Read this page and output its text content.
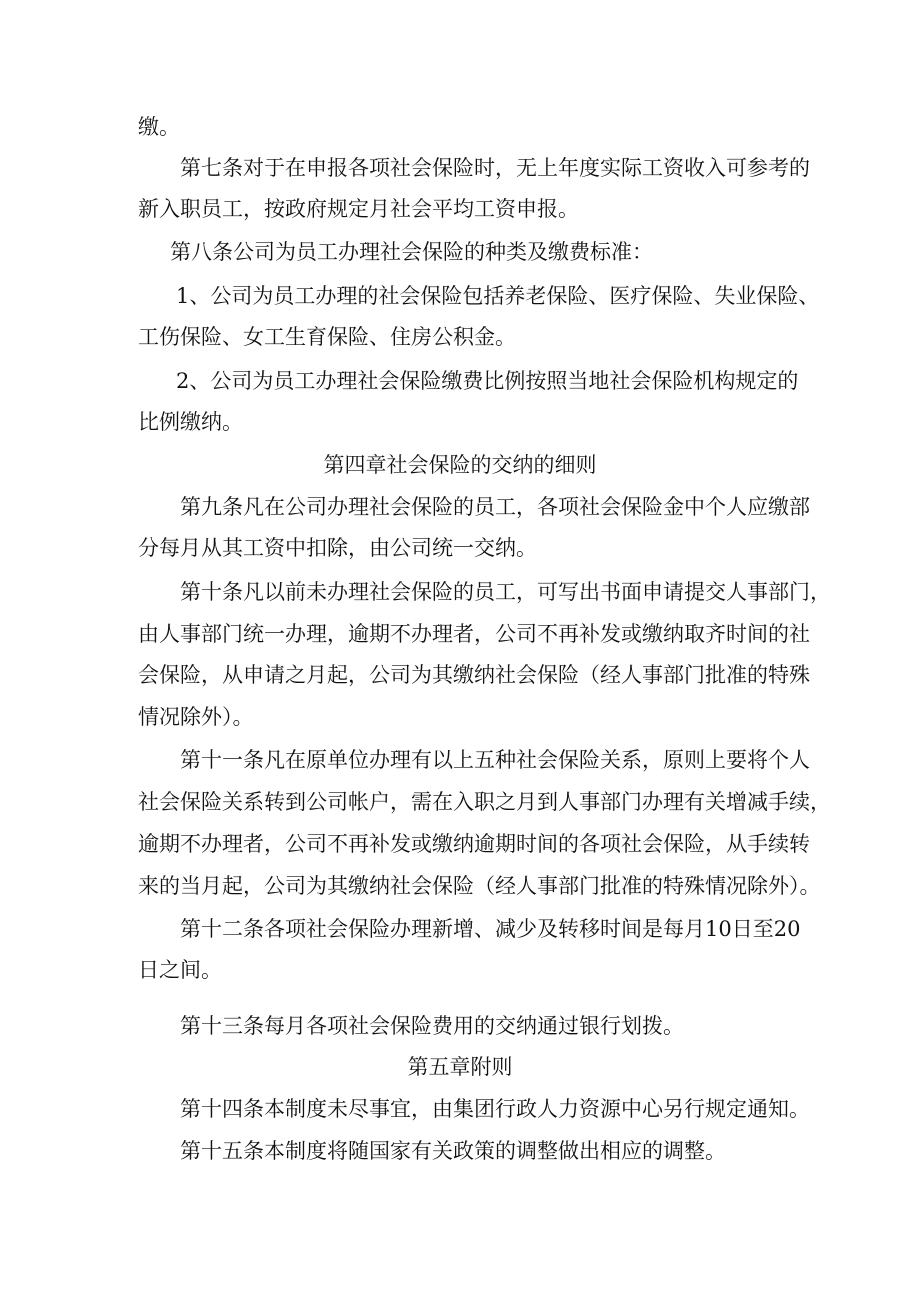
缴。
第七条对于在申报各项社会保险时，无上年度实际工资收入可参考的
新入职员工，按政府规定月社会平均工资申报。
第八条公司为员工办理社会保险的种类及缴费标准：
1、公司为员工办理的社会保险包括养老保险、医疗保险、失业保险、
工伤保险、女工生育保险、住房公积金。
2、公司为员工办理社会保险缴费比例按照当地社会保险机构规定的
比例缴纳。
第四章社会保险的交纳的细则
第九条凡在公司办理社会保险的员工，各项社会保险金中个人应缴部
分每月从其工资中扣除，由公司统一交纳。
第十条凡以前未办理社会保险的员工，可写出书面申请提交人事部门，
由人事部门统一办理，逾期不办理者，公司不再补发或缴纳取齐时间的社
会保险，从申请之月起，公司为其缴纳社会保险（经人事部门批准的特殊
情况除外）。
第十一条凡在原单位办理有以上五种社会保险关系，原则上要将个人
社会保险关系转到公司帐户，需在入职之月到人事部门办理有关增减手续，
逾期不办理者，公司不再补发或缴纳逾期时间的各项社会保险，从手续转
来的当月起，公司为其缴纳社会保险（经人事部门批准的特殊情况除外）。
第十二条各项社会保险办理新增、减少及转移时间是每月10日至20
日之间。
第十三条每月各项社会保险费用的交纳通过银行划拨。
第五章附则
第十四条本制度未尽事宜，由集团行政人力资源中心另行规定通知。
第十五条本制度将随国家有关政策的调整做出相应的调整。
